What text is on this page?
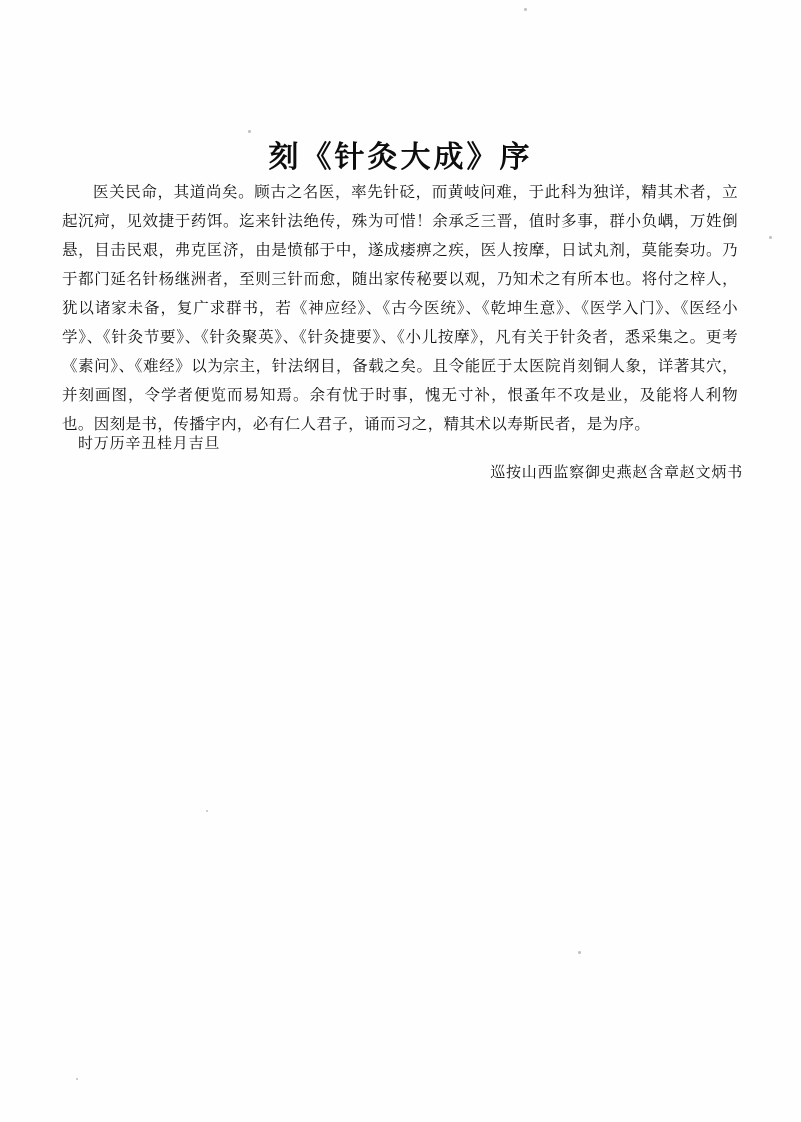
刻《针灸大成》序

医关民命，其道尚矣。顾古之名医，率先针砭，而黄岐问难，于此科为独详，精其术者，立起沉疴，见效捷于药饵。迄来针法绝传，殊为可惜！余承乏三晋，值时多事，群小负嵎，万姓倒悬，目击民艰，弗克匡济，由是愤郁于中，遂成痿痹之疾，医人按摩，日试丸剂，莫能奏功。乃于都门延名针杨继洲者，至则三针而愈，随出家传秘要以观，乃知术之有所本也。将付之梓人，犹以诸家未备，复广求群书，若《神应经》、《古今医统》、《乾坤生意》、《医学入门》、《医经小学》、《针灸节要》、《针灸聚英》、《针灸捷要》、《小儿按摩》，凡有关于针灸者，悉采集之。更考《素问》、《难经》以为宗主，针法纲目，备载之矣。且令能匠于太医院肖刻铜人象，详著其穴，并刻画图，令学者便览而易知焉。余有忧于时事，愧无寸补，恨蚤年不攻是业，及能将人利物也。因刻是书，传播宇内，必有仁人君子，诵而习之，精其术以寿斯民者，是为序。

时万历辛丑桂月吉旦
巡按山西监察御史燕赵含章赵文炳书
